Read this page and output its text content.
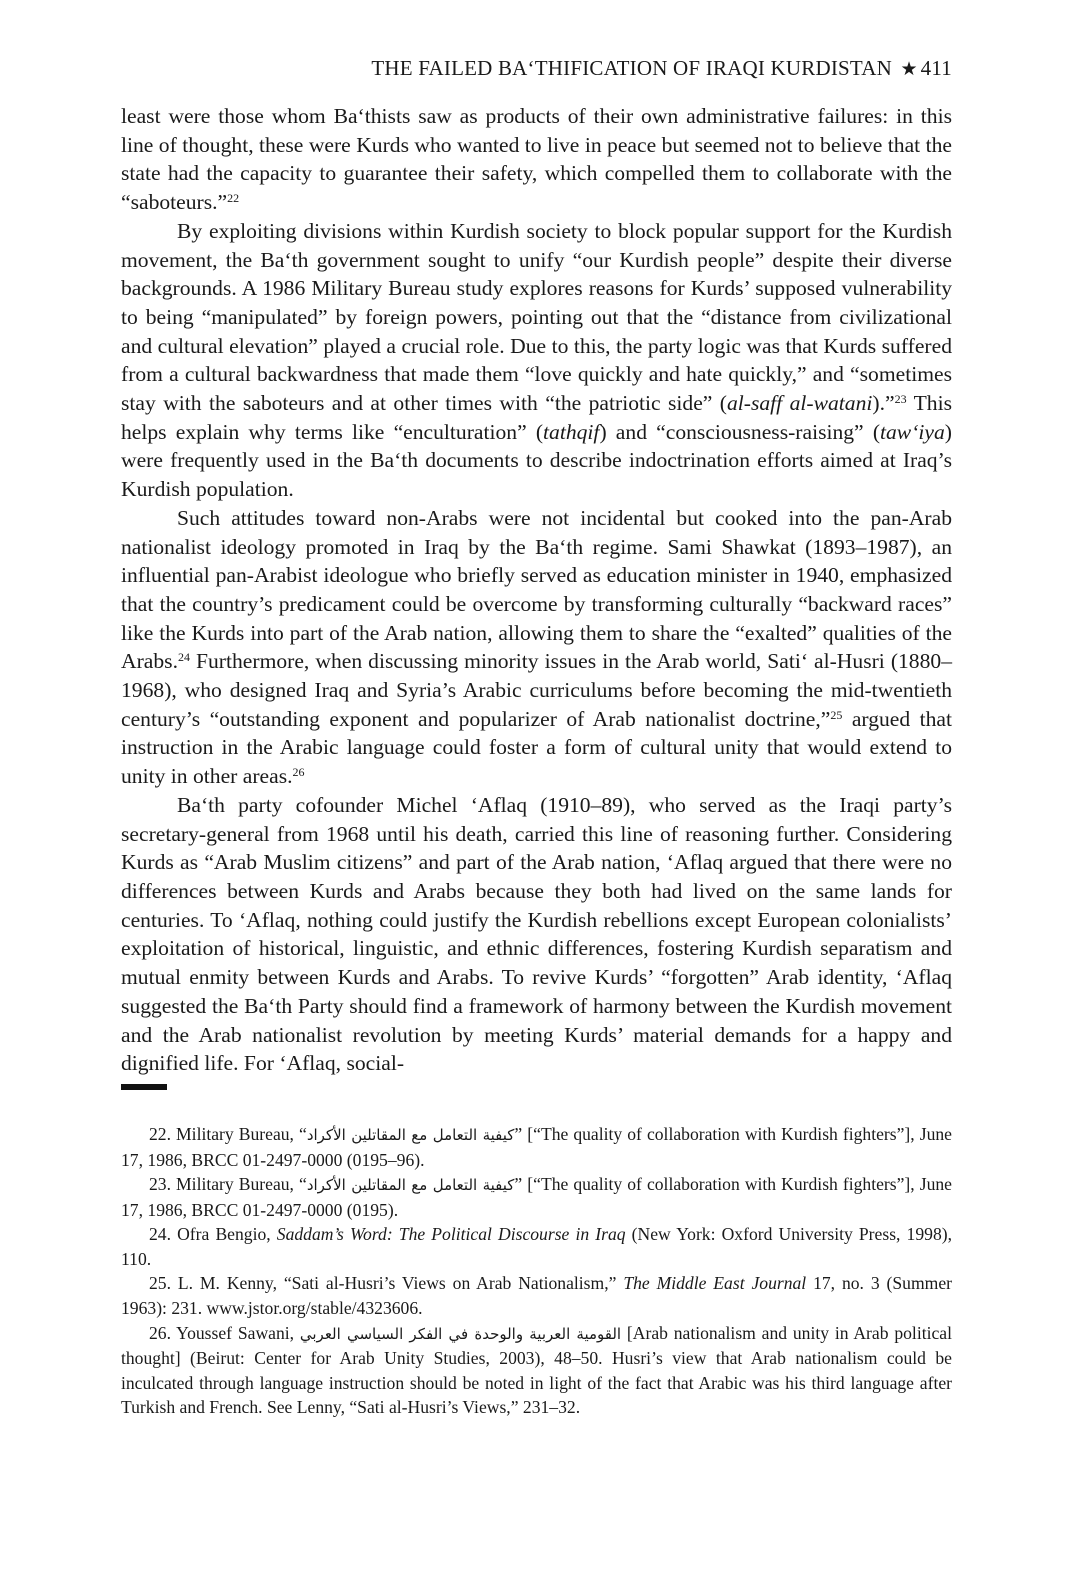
THE FAILED BA‘THIFICATION OF IRAQI KURDISTAN ★ 411

least were those whom Ba‘thists saw as products of their own administrative failures: in this line of thought, these were Kurds who wanted to live in peace but seemed not to believe that the state had the capacity to guarantee their safety, which compelled them to collaborate with the “saboteurs.”$^{22}$

By exploiting divisions within Kurdish society to block popular support for the Kurdish movement, the Ba‘th government sought to unify “our Kurdish people” despite their diverse backgrounds. A 1986 Military Bureau study explores reasons for Kurds’ supposed vulnerability to being “manipulated” by foreign powers, pointing out that the “distance from civilizational and cultural elevation” played a crucial role. Due to this, the party logic was that Kurds suffered from a cultural backwardness that made them “love quickly and hate quickly,” and “sometimes stay with the saboteurs and at other times with “the patriotic side” (al-saff al-watani).”$^{23}$ This helps explain why terms like “enculturation” (tathqif) and “consciousness-raising” (taw‘iya) were frequently used in the Ba‘th documents to describe indoctrination efforts aimed at Iraq’s Kurdish population.

Such attitudes toward non-Arabs were not incidental but cooked into the pan-Arab nationalist ideology promoted in Iraq by the Ba‘th regime. Sami Shawkat (1893–1987), an influential pan-Arabist ideologue who briefly served as education minister in 1940, emphasized that the country’s predicament could be overcome by transforming culturally “backward races” like the Kurds into part of the Arab nation, allowing them to share the “exalted” qualities of the Arabs.$^{24}$ Furthermore, when discussing minority issues in the Arab world, Sati‘ al-Husri (1880–1968), who designed Iraq and Syria’s Arabic curriculums before becoming the mid-twentieth century’s “outstanding exponent and popularizer of Arab nationalist doctrine,”$^{25}$ argued that instruction in the Arabic language could foster a form of cultural unity that would extend to unity in other areas.$^{26}$

Ba‘th party cofounder Michel ‘Aflaq (1910–89), who served as the Iraqi party’s secretary-general from 1968 until his death, carried this line of reasoning further. Considering Kurds as “Arab Muslim citizens” and part of the Arab nation, ‘Aflaq argued that there were no differences between Kurds and Arabs because they both had lived on the same lands for centuries. To ‘Aflaq, nothing could justify the Kurdish rebellions except European colonialists’ exploitation of historical, linguistic, and ethnic differences, fostering Kurdish separatism and mutual enmity between Kurds and Arabs. To revive Kurds’ “forgotten” Arab identity, ‘Aflaq suggested the Ba‘th Party should find a framework of harmony between the Kurdish movement and the Arab nationalist revolution by meeting Kurds’ material demands for a happy and dignified life. For ‘Aflaq, social-

22. Military Bureau, “كيفية التعامل مع المقاتلين الأكراد” [“The quality of collaboration with Kurdish fighters”], June 17, 1986, BRCC 01-2497-0000 (0195–96).

23. Military Bureau, “كيفية التعامل مع المقاتلين الأكراد” [“The quality of collaboration with Kurdish fighters”], June 17, 1986, BRCC 01-2497-0000 (0195).

24. Ofra Bengio, Saddam’s Word: The Political Discourse in Iraq (New York: Oxford University Press, 1998), 110.

25. L. M. Kenny, “Sati al-Husri’s Views on Arab Nationalism,” The Middle East Journal 17, no. 3 (Summer 1963): 231. www.jstor.org/stable/4323606.

26. Youssef Sawani, القومية العربية والوحدة في الفكر السياسي العربي [Arab nationalism and unity in Arab political thought] (Beirut: Center for Arab Unity Studies, 2003), 48–50. Husri’s view that Arab nationalism could be inculcated through language instruction should be noted in light of the fact that Arabic was his third language after Turkish and French. See Lenny, “Sati al-Husri’s Views,” 231–32.
